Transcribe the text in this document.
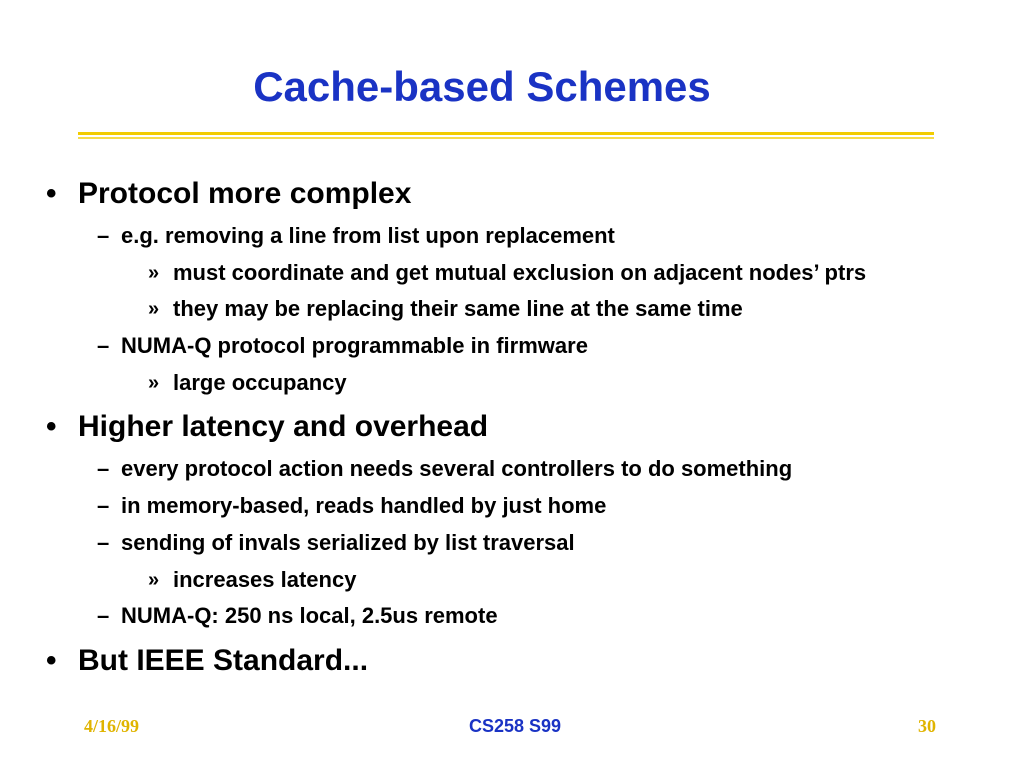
Cache-based Schemes
• Protocol more complex
– e.g. removing a line from list upon replacement
» must coordinate and get mutual exclusion on adjacent nodes’ ptrs
» they may be replacing their same line at the same time
– NUMA-Q protocol programmable in firmware
» large occupancy
• Higher latency and overhead
– every protocol action needs several controllers to do something
– in memory-based, reads handled by just home
– sending of invals serialized by list traversal
» increases latency
– NUMA-Q: 250 ns local, 2.5us remote
• But IEEE Standard...
4/16/99	CS258 S99	30
